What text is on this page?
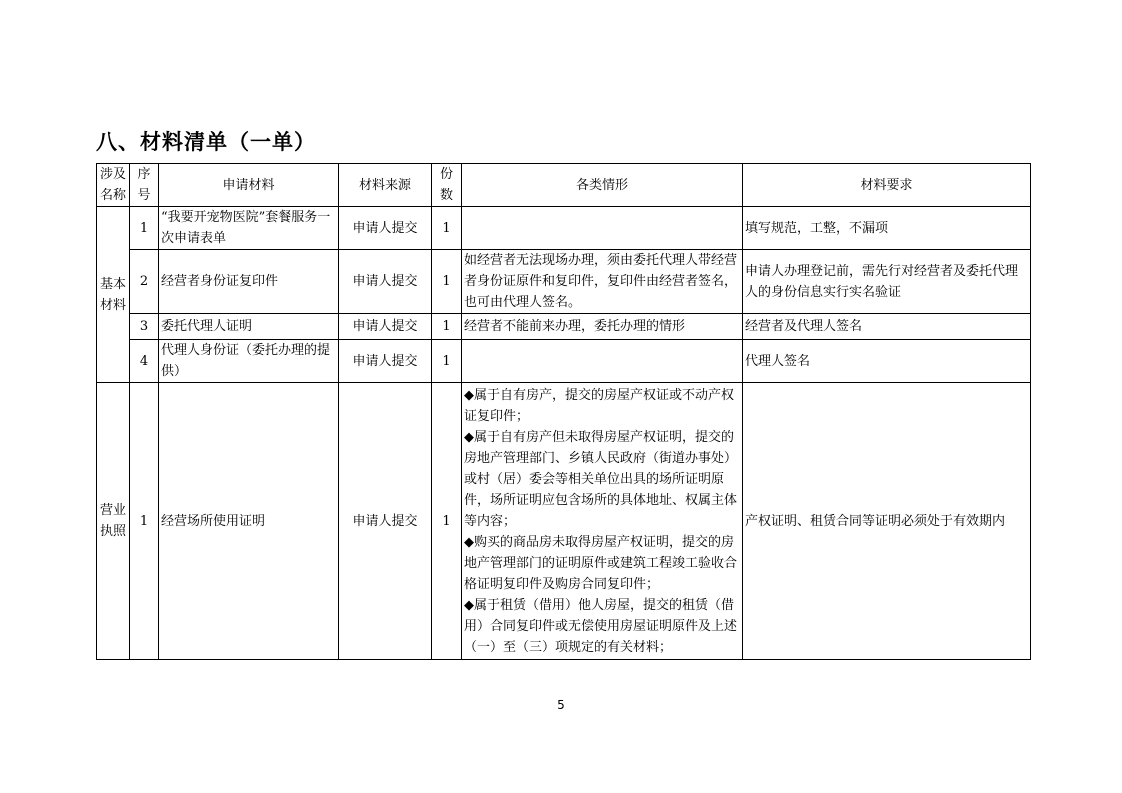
八、材料清单（一单）
涉及
名称	序号	申请材料	材料来源	份数	各类情形	材料要求

基本
材料	1	“我要开宠物医院”套餐服务一次申请表单	申请人提交	1		填写规范，工整，不漏项
	2	经营者身份证复印件	申请人提交	1	如经营者无法现场办理，须由委托代理人带经营者身份证原件和复印件，复印件由经营者签名，也可由代理人签名。	申请人办理登记前，需先行对经营者及委托代理人的身份信息实行实名验证
	3	委托代理人证明	申请人提交	1	经营者不能前来办理，委托办理的情形	经营者及代理人签名
	4	代理人身份证（委托办理的提供）	申请人提交	1		代理人签名

营业
执照	1	经营场所使用证明	申请人提交	1	◆属于自有房产，提交的房屋产权证或不动产权证复印件；
◆属于自有房产但未取得房屋产权证明，提交的房地产管理部门、乡镇人民政府（街道办事处）或村（居）委会等相关单位出具的场所证明原件，场所证明应包含场所的具体地址、权属主体等内容；
◆购买的商品房未取得房屋产权证明，提交的房地产管理部门的证明原件或建筑工程竣工验收合格证明复印件及购房合同复印件；
◆属于租赁（借用）他人房屋，提交的租赁（借用）合同复印件或无偿使用房屋证明原件及上述（一）至（三）项规定的有关材料；	产权证明、租赁合同等证明必须处于有效期内
5
